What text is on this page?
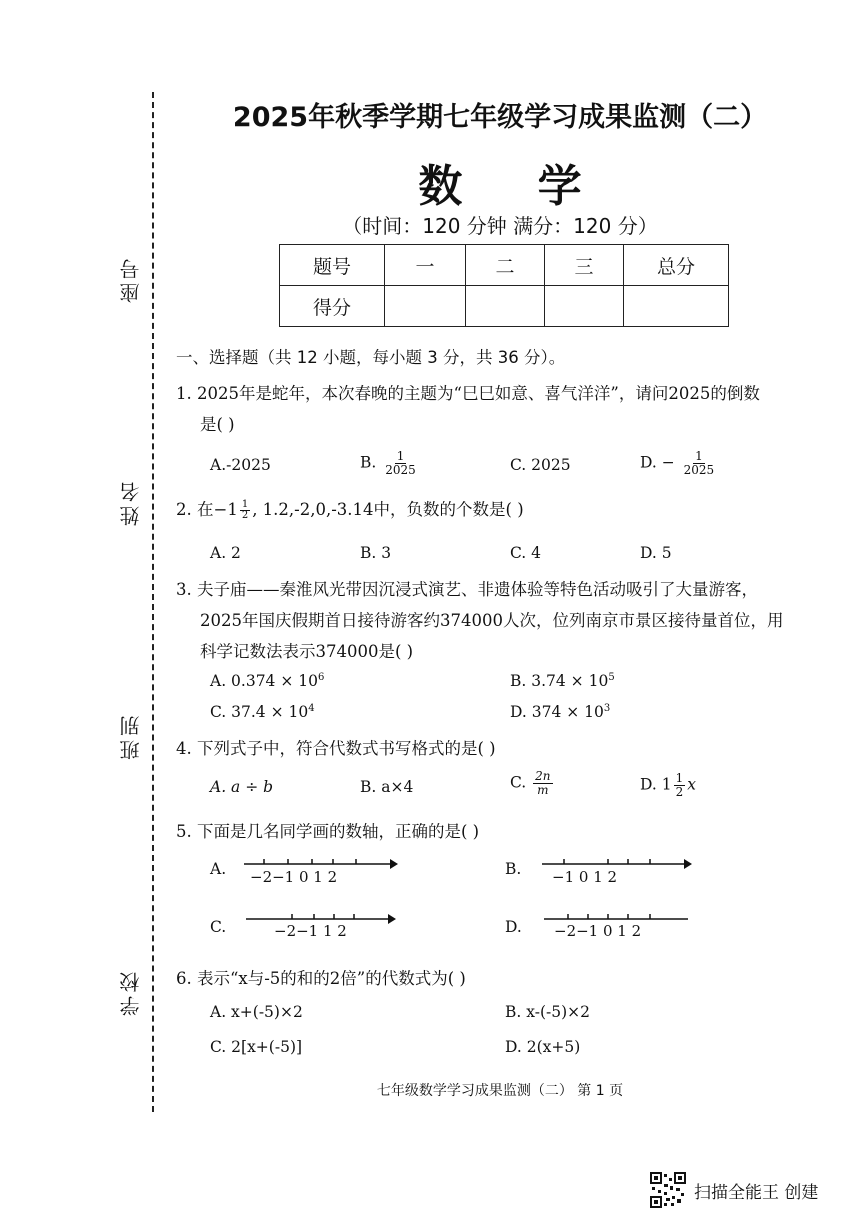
座号
姓名
班别
学校
2025年秋季学期七年级学习成果监测（二）
数 学
（时间：120 分钟 满分：120 分）
题号	一	二	三	总分
得分				
一、选择题（共 12 小题，每小题 3 分，共 36 分）。
1. 2025年是蛇年，本次春晚的主题为“巳巳如意、喜气洋洋”，请问2025的倒数
是( )
A.-2025	B. $\frac{1}{2025}$	C. 2025	D. − $\frac{1}{2025}$
2. 在$-1 \frac{1}{2}$ , 1.2,-2,0,-3.14中，负数的个数是( )
A. 2	B. 3	C. 4	D. 5
3. 夫子庙——秦淮风光带因沉浸式演艺、非遗体验等特色活动吸引了大量游客，
2025年国庆假期首日接待游客约374000人次，位列南京市景区接待量首位，用
科学记数法表示374000是( )
A. $0.374 \times 10^6$	B. $3.74 \times 10^5$
C. $37.4 \times 10^4$	D. $374 \times 10^3$
4. 下列式子中，符合代数式书写格式的是( )
A. a ÷ b	B. a×4	C. $\frac{2n}{m}$	D. $1 \frac{1}{2}$ x
5. 下面是几名同学画的数轴，正确的是( )
A. −2−1 0 1 2	B. −1 0 1 2
C.	−2−1 1 2	D. −2−1 0 1 2
6. 表示“x与-5的和的2倍”的代数式为( )
A. x+(-5)×2	B. x-(-5)×2
C. 2[x+(-5)]	D. 2(x+5)
七年级数学学习成果监测（二） 第 1 页
扫描全能王 创建
